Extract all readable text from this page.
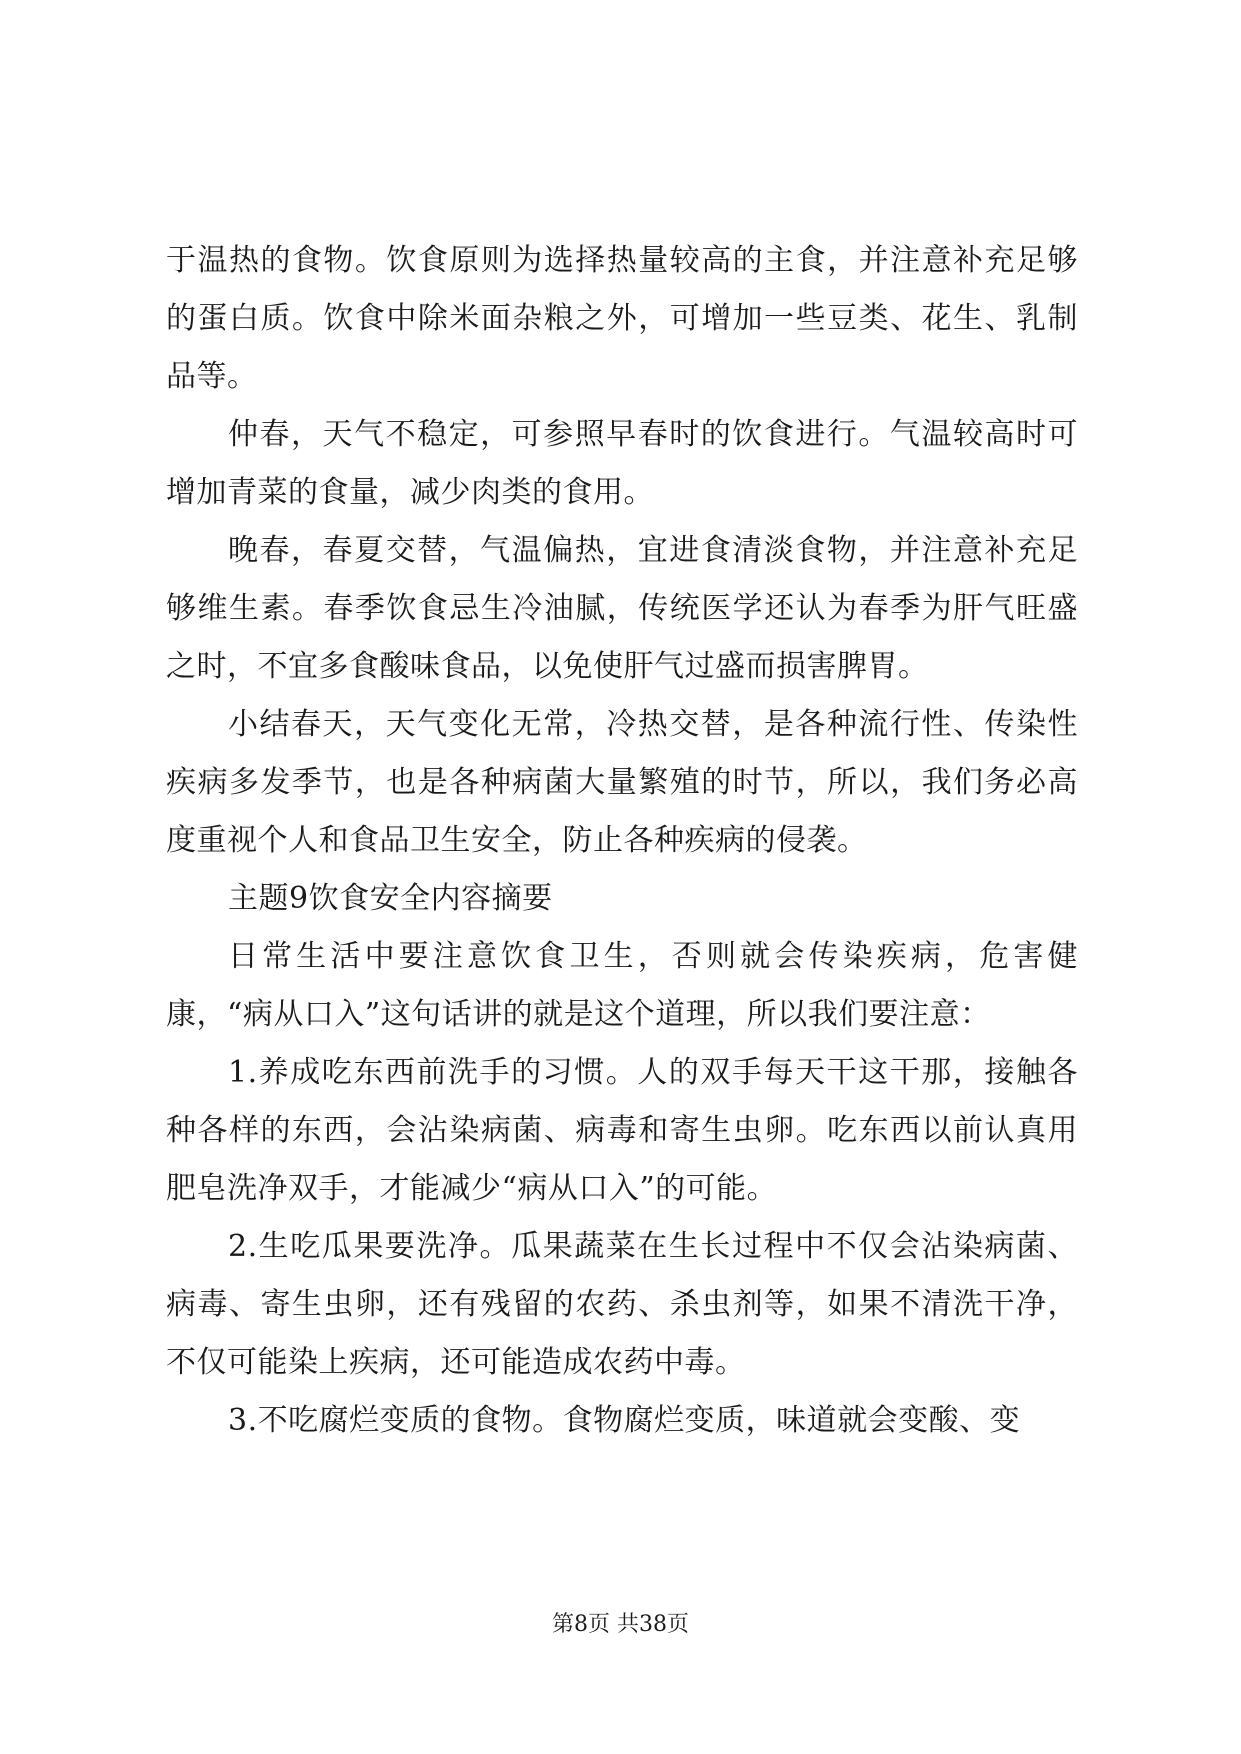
于温热的食物。饮食原则为选择热量较高的主食，并注意补充足够的蛋白质。饮食中除米面杂粮之外，可增加一些豆类、花生、乳制品等。

仲春，天气不稳定，可参照早春时的饮食进行。气温较高时可增加青菜的食量，减少肉类的食用。

晚春，春夏交替，气温偏热，宜进食清淡食物，并注意补充足够维生素。春季饮食忌生冷油腻，传统医学还认为春季为肝气旺盛之时，不宜多食酸味食品，以免使肝气过盛而损害脾胃。

小结春天，天气变化无常，冷热交替，是各种流行性、传染性疾病多发季节，也是各种病菌大量繁殖的时节，所以，我们务必高度重视个人和食品卫生安全，防止各种疾病的侵袭。

主题9饮食安全内容摘要

日常生活中要注意饮食卫生，否则就会传染疾病，危害健康，“病从口入”这句话讲的就是这个道理，所以我们要注意：

1.养成吃东西前洗手的习惯。人的双手每天干这干那，接触各种各样的东西，会沾染病菌、病毒和寄生虫卵。吃东西以前认真用肥皂洗净双手，才能减少“病从口入”的可能。

2.生吃瓜果要洗净。瓜果蔬菜在生长过程中不仅会沾染病菌、病毒、寄生虫卵，还有残留的农药、杀虫剂等，如果不清洗干净，不仅可能染上疾病，还可能造成农药中毒。

3.不吃腐烂变质的食物。食物腐烂变质，味道就会变酸、变

第8页 共38页
